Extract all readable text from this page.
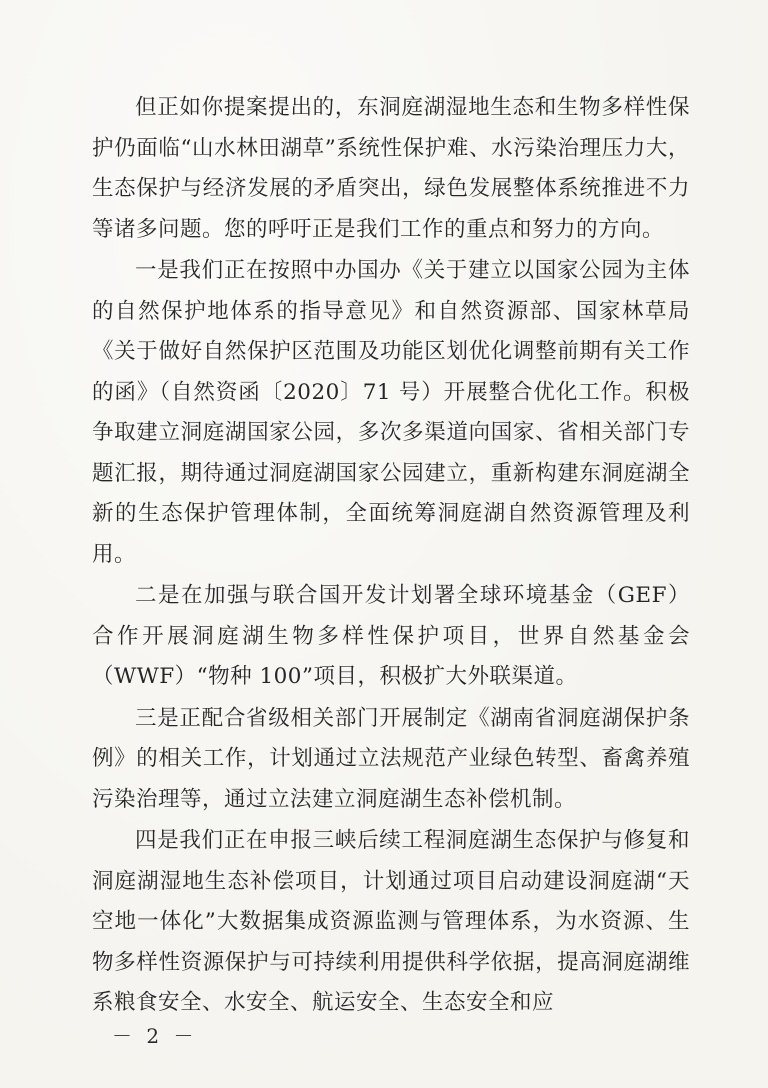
但正如你提案提出的，东洞庭湖湿地生态和生物多样性保护仍面临“山水林田湖草”系统性保护难、水污染治理压力大，生态保护与经济发展的矛盾突出，绿色发展整体系统推进不力等诸多问题。您的呼吁正是我们工作的重点和努力的方向。

一是我们正在按照中办国办《关于建立以国家公园为主体的自然保护地体系的指导意见》和自然资源部、国家林草局《关于做好自然保护区范围及功能区划优化调整前期有关工作的函》（自然资函〔2020〕71 号）开展整合优化工作。积极争取建立洞庭湖国家公园，多次多渠道向国家、省相关部门专题汇报，期待通过洞庭湖国家公园建立，重新构建东洞庭湖全新的生态保护管理体制，全面统筹洞庭湖自然资源管理及利用。

二是在加强与联合国开发计划署全球环境基金（GEF）合作开展洞庭湖生物多样性保护项目，世界自然基金会（WWF）“物种 100”项目，积极扩大外联渠道。

三是正配合省级相关部门开展制定《湖南省洞庭湖保护条例》的相关工作，计划通过立法规范产业绿色转型、畜禽养殖污染治理等，通过立法建立洞庭湖生态补偿机制。

四是我们正在申报三峡后续工程洞庭湖生态保护与修复和洞庭湖湿地生态补偿项目，计划通过项目启动建设洞庭湖“天空地一体化”大数据集成资源监测与管理体系，为水资源、生物多样性资源保护与可持续利用提供科学依据，提高洞庭湖维系粮食安全、水安全、航运安全、生态安全和应

－ 2 －
